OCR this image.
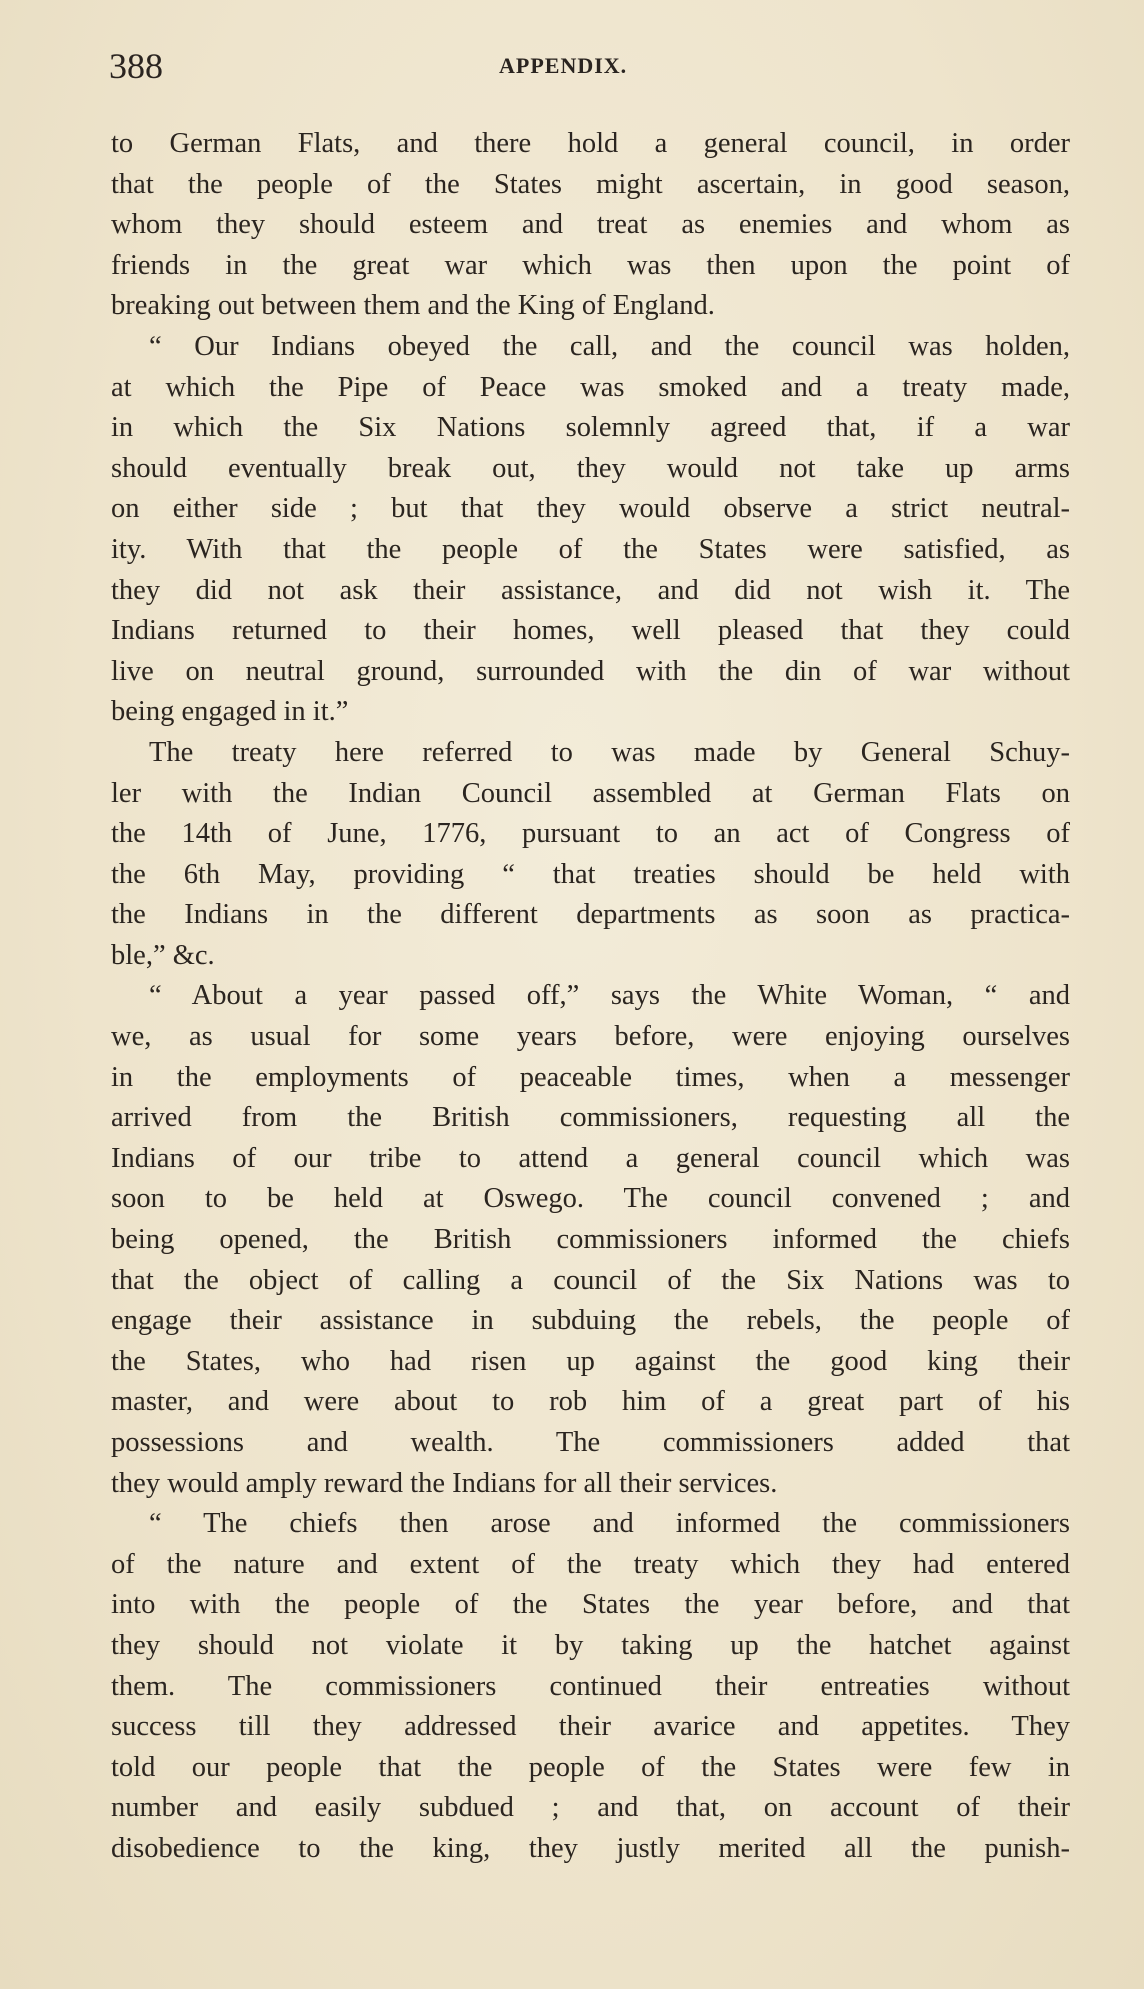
388	APPENDIX.
to German Flats, and there hold a general council, in order
that the people of the States might ascertain, in good season,
whom they should esteem and treat as enemies and whom as
friends in the great war which was then upon the point of
breaking out between them and the King of England.
“ Our Indians obeyed the call, and the council was holden,
at which the Pipe of Peace was smoked and a treaty made,
in which the Six Nations solemnly agreed that, if a war
should eventually break out, they would not take up arms
on either side ; but that they would observe a strict neutral-
ity. With that the people of the States were satisfied, as
they did not ask their assistance, and did not wish it. The
Indians returned to their homes, well pleased that they could
live on neutral ground, surrounded with the din of war without
being engaged in it.”
The treaty here referred to was made by General Schuy-
ler with the Indian Council assembled at German Flats on
the 14th of June, 1776, pursuant to an act of Congress of
the 6th May, providing “ that treaties should be held with
the Indians in the different departments as soon as practica-
ble,” &c.
“ About a year passed off,” says the White Woman, “ and
we, as usual for some years before, were enjoying ourselves
in the employments of peaceable times, when a messenger
arrived from the British commissioners, requesting all the
Indians of our tribe to attend a general council which was
soon to be held at Oswego. The council convened ; and
being opened, the British commissioners informed the chiefs
that the object of calling a council of the Six Nations was to
engage their assistance in subduing the rebels, the people of
the States, who had risen up against the good king their
master, and were about to rob him of a great part of his
possessions and wealth. The commissioners added that
they would amply reward the Indians for all their services.
“ The chiefs then arose and informed the commissioners
of the nature and extent of the treaty which they had entered
into with the people of the States the year before, and that
they should not violate it by taking up the hatchet against
them. The commissioners continued their entreaties without
success till they addressed their avarice and appetites. They
told our people that the people of the States were few in
number and easily subdued ; and that, on account of their
disobedience to the king, they justly merited all the punish-
